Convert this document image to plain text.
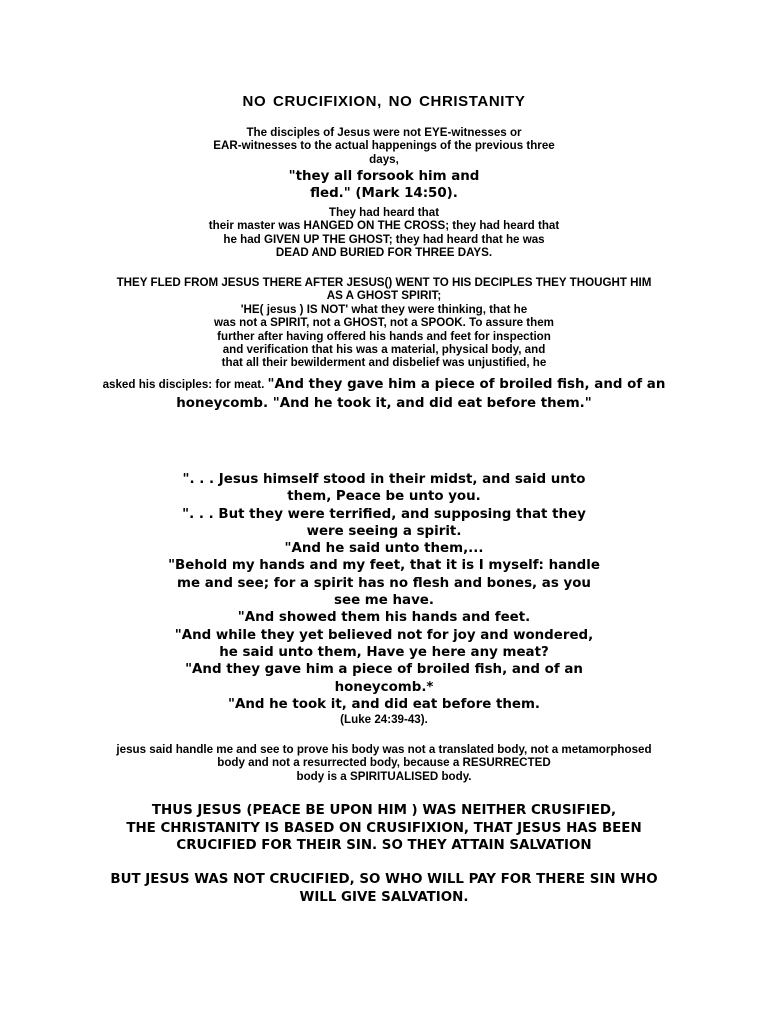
NO CRUCIFIXION, NO CHRISTANITY
The disciples of Jesus were not EYE-witnesses or
EAR-witnesses to the actual happenings of the previous three
days,
"they all forsook him and
fled." (Mark 14:50).
They had heard that
their master was HANGED ON THE CROSS; they had heard that
he had GIVEN UP THE GHOST; they had heard that he was
DEAD AND BURIED FOR THREE DAYS.
THEY FLED FROM JESUS THERE AFTER JESUS() WENT TO HIS DECIPLES THEY THOUGHT HIM
AS A GHOST SPIRIT;
'HE( jesus ) IS NOT' what they were thinking, that he
was not a SPIRIT, not a GHOST, not a SPOOK. To assure them
further after having offered his hands and feet for inspection
and verification that his was a material, physical body, and
that all their bewilderment and disbelief was unjustified, he
asked his disciples: for meat. "And they gave him a piece of broiled fish, and of an
honeycomb. "And he took it, and did eat before them."
". . . Jesus himself stood in their midst, and said unto
them, Peace be unto you.
". . . But they were terrified, and supposing that they
were seeing a spirit.
"And he said unto them,...
"Behold my hands and my feet, that it is I myself: handle
me and see; for a spirit has no flesh and bones, as you
see me have.
"And showed them his hands and feet.
"And while they yet believed not for joy and wondered,
he said unto them, Have ye here any meat?
"And they gave him a piece of broiled fish, and of an
honeycomb.*
"And he took it, and did eat before them.
(Luke 24:39-43).
jesus said handle me and see to prove his body was not a translated body, not a metamorphosed
body and not a resurrected body, because a RESURRECTED
body is a SPIRITUALISED body.
THUS JESUS (PEACE BE UPON HIM ) WAS NEITHER CRUSIFIED,
THE CHRISTANITY IS BASED ON CRUSIFIXION, THAT JESUS HAS BEEN
CRUCIFIED FOR THEIR SIN. SO THEY ATTAIN SALVATION
BUT JESUS WAS NOT CRUCIFIED, SO WHO WILL PAY FOR THERE SIN WHO
WILL GIVE SALVATION.
